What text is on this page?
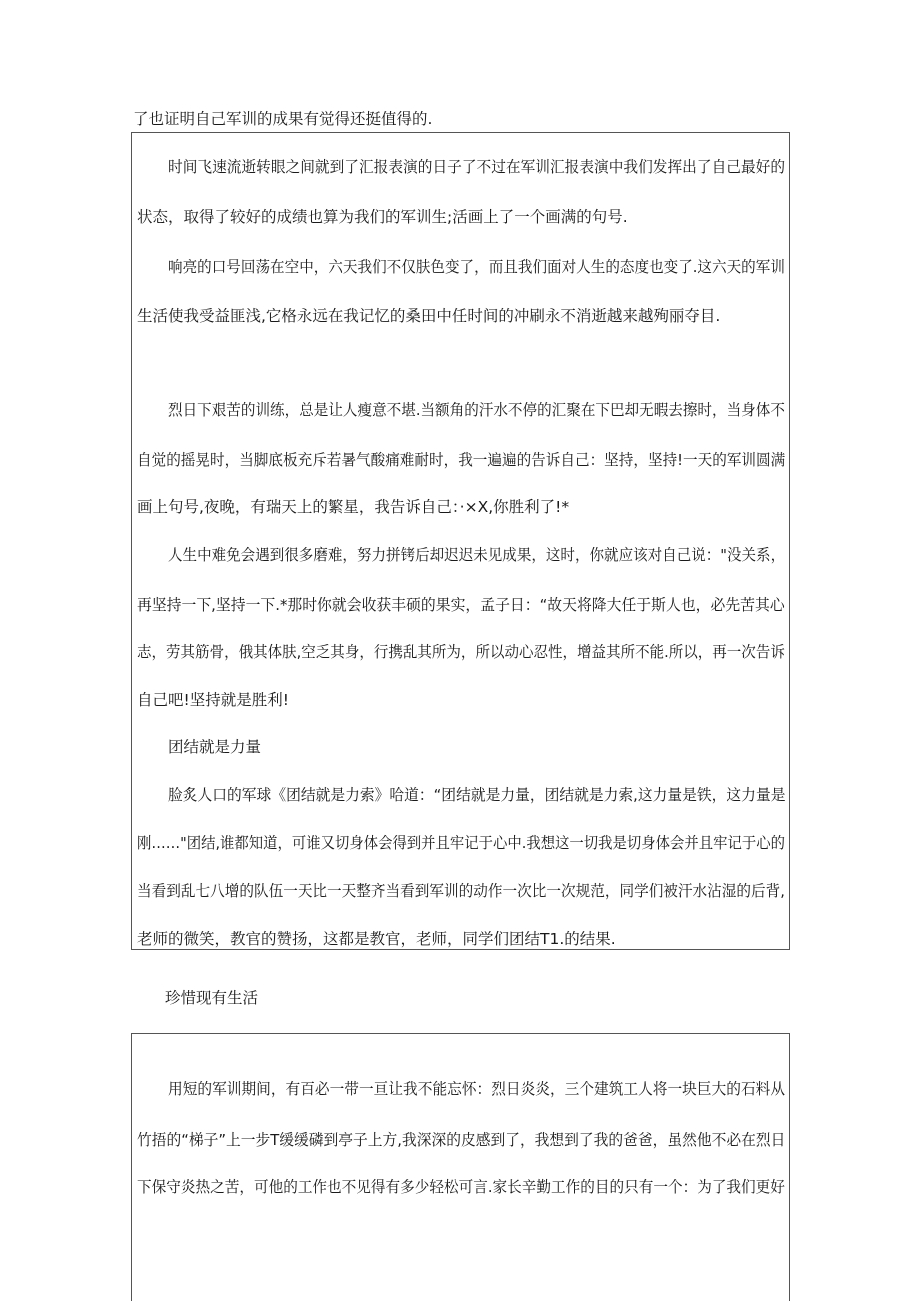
了也证明自己军训的成果有觉得还挺值得的.

时间飞速流逝转眼之间就到了汇报表演的日子了不过在军训汇报表演中我们发挥出了自己最好的
状态，取得了较好的成绩也算为我们的军训生;活画上了一个画满的句号.
响亮的口号回荡在空中，六天我们不仅肤色变了，而且我们面对人生的态度也变了.这六天的军训
生活使我受益匪浅,它格永远在我记忆的桑田中任时间的冲刷永不消逝越来越殉丽夺目.
烈日下艰苦的训练，总是让人瘦意不堪.当额角的汗水不停的汇聚在下巴却无暇去擦时，当身体不
自觉的摇晃时，当脚底板充斥若暑气酸痛难耐时，我一遍遍的告诉自己：坚持，坚持!一天的军训圆满
画上句号,夜晚，有瑞天上的繁星，我告诉自己：·×X,你胜利了!*
人生中难免会遇到很多磨难，努力拼铐后却迟迟未见成果，这时，你就应该对自己说："没关系，
再坚持一下,坚持一下.*那时你就会收获丰硕的果实，孟子日：“故天将降大任于斯人也，必先苦其心
志，劳其筋骨，俄其体肤,空乏其身，行携乱其所为，所以动心忍性，增益其所不能.所以，再一次告诉
自己吧!坚持就是胜利!
团结就是力量
脸炙人口的军球《团结就是力索》哈道：“团结就是力量，团结就是力索,这力量是铁，这力量是
刚……"团结,谁都知道，可谁又切身体会得到并且牢记于心中.我想这一切我是切身体会并且牢记于心的
当看到乱七八增的队伍一天比一天整齐当看到军训的动作一次比一次规范，同学们被汗水沾湿的后背,
老师的微笑，教官的赞扬，这都是教官，老师，同学们团结T1.的结果.

珍惜现有生活

用短的军训期间，有百必一带一亘让我不能忘怀：烈日炎炎，三个建筑工人将一块巨大的石料从
竹捂的“梯子”上一步T缓缓磷到亭子上方,我深深的皮感到了，我想到了我的爸爸，虽然他不必在烈日
下保守炎热之苦，可他的工作也不见得有多少轻松可言.家长辛勤工作的目的只有一个：为了我们更好
